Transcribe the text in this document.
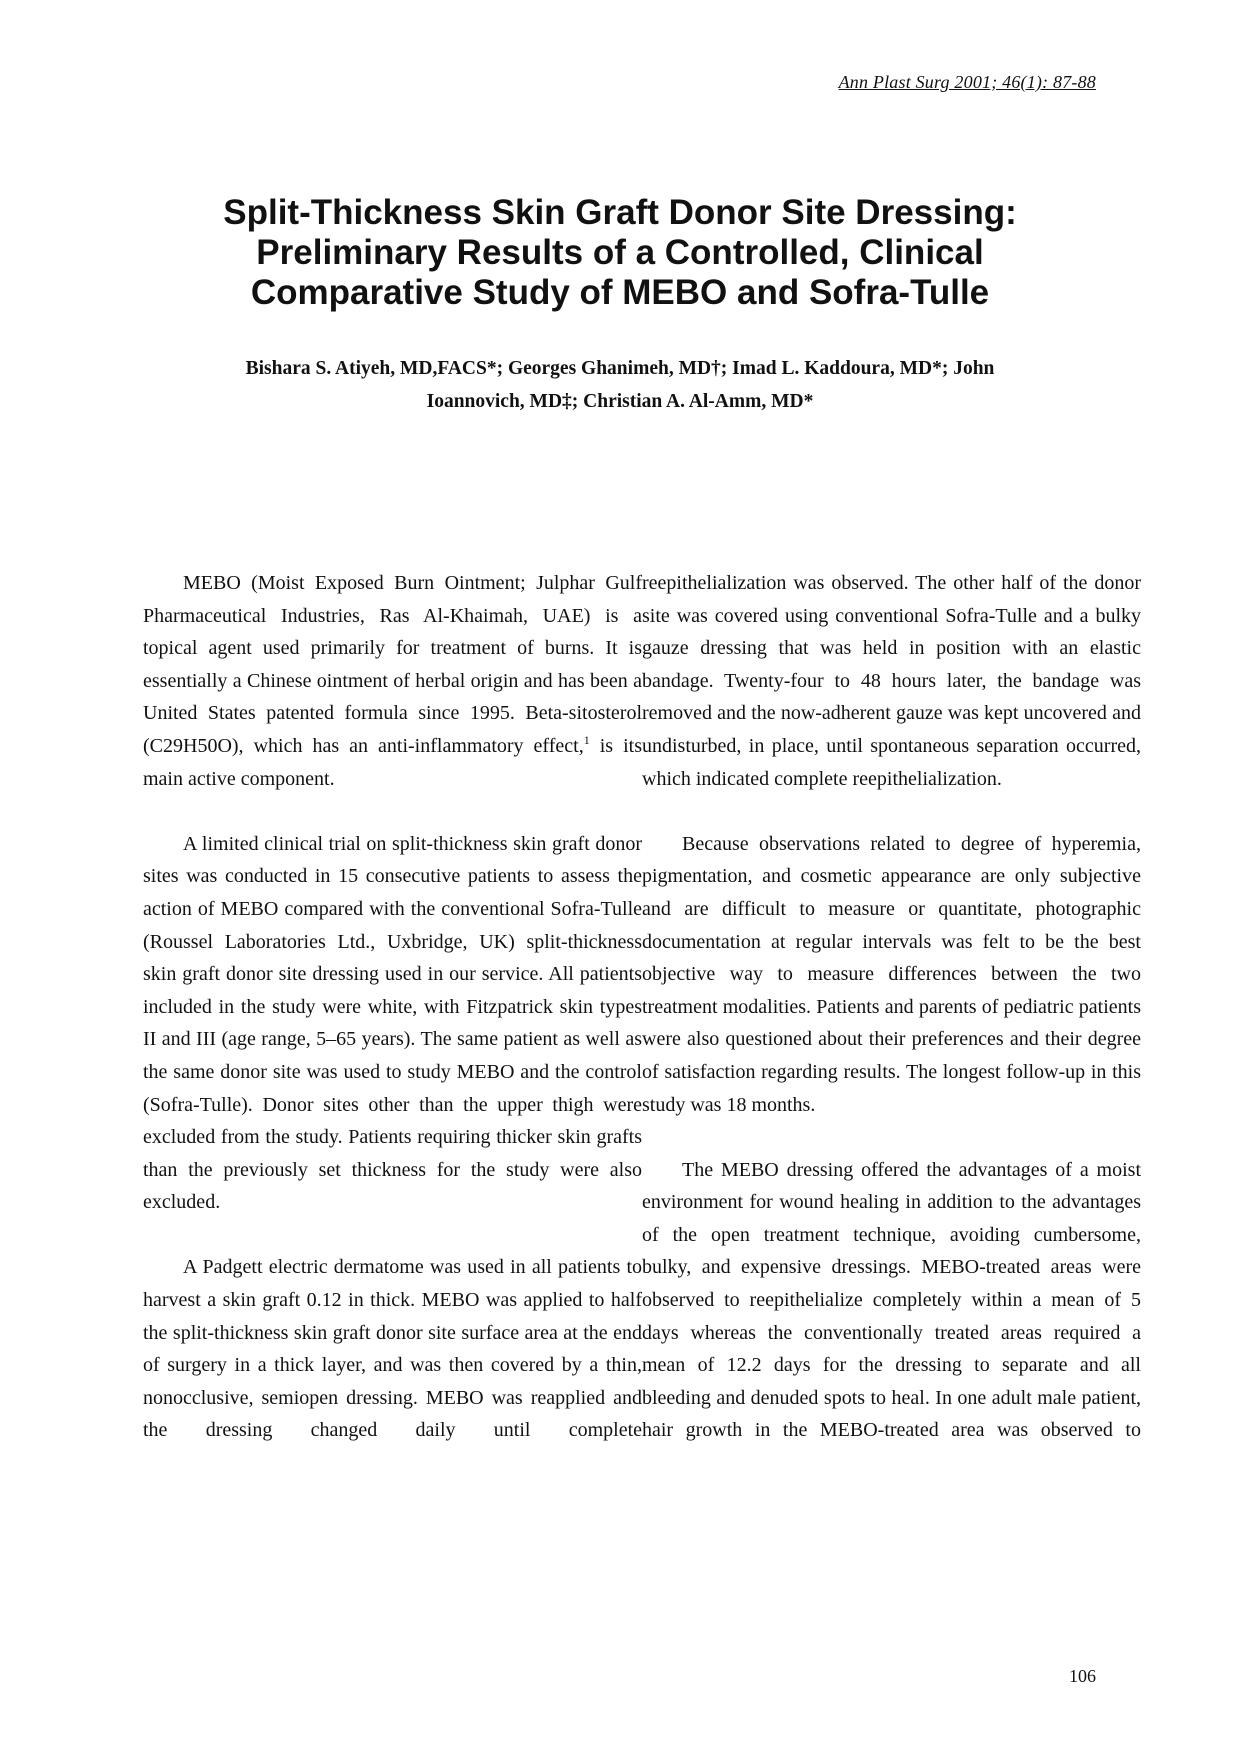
Ann Plast Surg 2001; 46(1): 87-88
Split-Thickness Skin Graft Donor Site Dressing:
Preliminary Results of a Controlled, Clinical
Comparative Study of MEBO and Sofra-Tulle
Bishara S. Atiyeh, MD,FACS*; Georges Ghanimeh, MD†; Imad L. Kaddoura, MD*; John
Ioannovich, MD‡; Christian A. Al-Amm, MD*

MEBO (Moist Exposed Burn Ointment; Julphar Gulf Pharmaceutical Industries, Ras Al-Khaimah, UAE) is a topical agent used primarily for treatment of burns. It is essentially a Chinese ointment of herbal origin and has been a United States patented formula since 1995. Beta-sitosterol (C29H50O), which has an anti-inflammatory effect,$^1$ is its main active component.

A limited clinical trial on split-thickness skin graft donor sites was conducted in 15 consecutive patients to assess the action of MEBO compared with the conventional Sofra-Tulle (Roussel Laboratories Ltd., Uxbridge, UK) split-thickness skin graft donor site dressing used in our service. All patients included in the study were white, with Fitzpatrick skin types II and III (age range, 5–65 years). The same patient as well as the same donor site was used to study MEBO and the control (Sofra-Tulle). Donor sites other than the upper thigh were excluded from the study. Patients requiring thicker skin grafts than the previously set thickness for the study were also excluded.

A Padgett electric dermatome was used in all patients to harvest a skin graft 0.12 in thick. MEBO was applied to half the split-thickness skin graft donor site surface area at the end of surgery in a thick layer, and was then covered by a thin, nonocclusive, semiopen dressing. MEBO was reapplied and the dressing changed daily until complete

reepithelialization was observed. The other half of the donor site was covered using conventional Sofra-Tulle and a bulky gauze dressing that was held in position with an elastic bandage. Twenty-four to 48 hours later, the bandage was removed and the now-adherent gauze was kept uncovered and undisturbed, in place, until spontaneous separation occurred, which indicated complete reepithelialization.

Because observations related to degree of hyperemia, pigmentation, and cosmetic appearance are only subjective and are difficult to measure or quantitate, photographic documentation at regular intervals was felt to be the best objective way to measure differences between the two treatment modalities. Patients and parents of pediatric patients were also questioned about their preferences and their degree of satisfaction regarding results. The longest follow-up in this study was 18 months.

The MEBO dressing offered the advantages of a moist environment for wound healing in addition to the advantages of the open treatment technique, avoiding cumbersome, bulky, and expensive dressings. MEBO-treated areas were observed to reepithelialize completely within a mean of 5 days whereas the conventionally treated areas required a mean of 12.2 days for the dressing to separate and all bleeding and denuded spots to heal. In one adult male patient, hair growth in the MEBO-treated area was observed to

106
